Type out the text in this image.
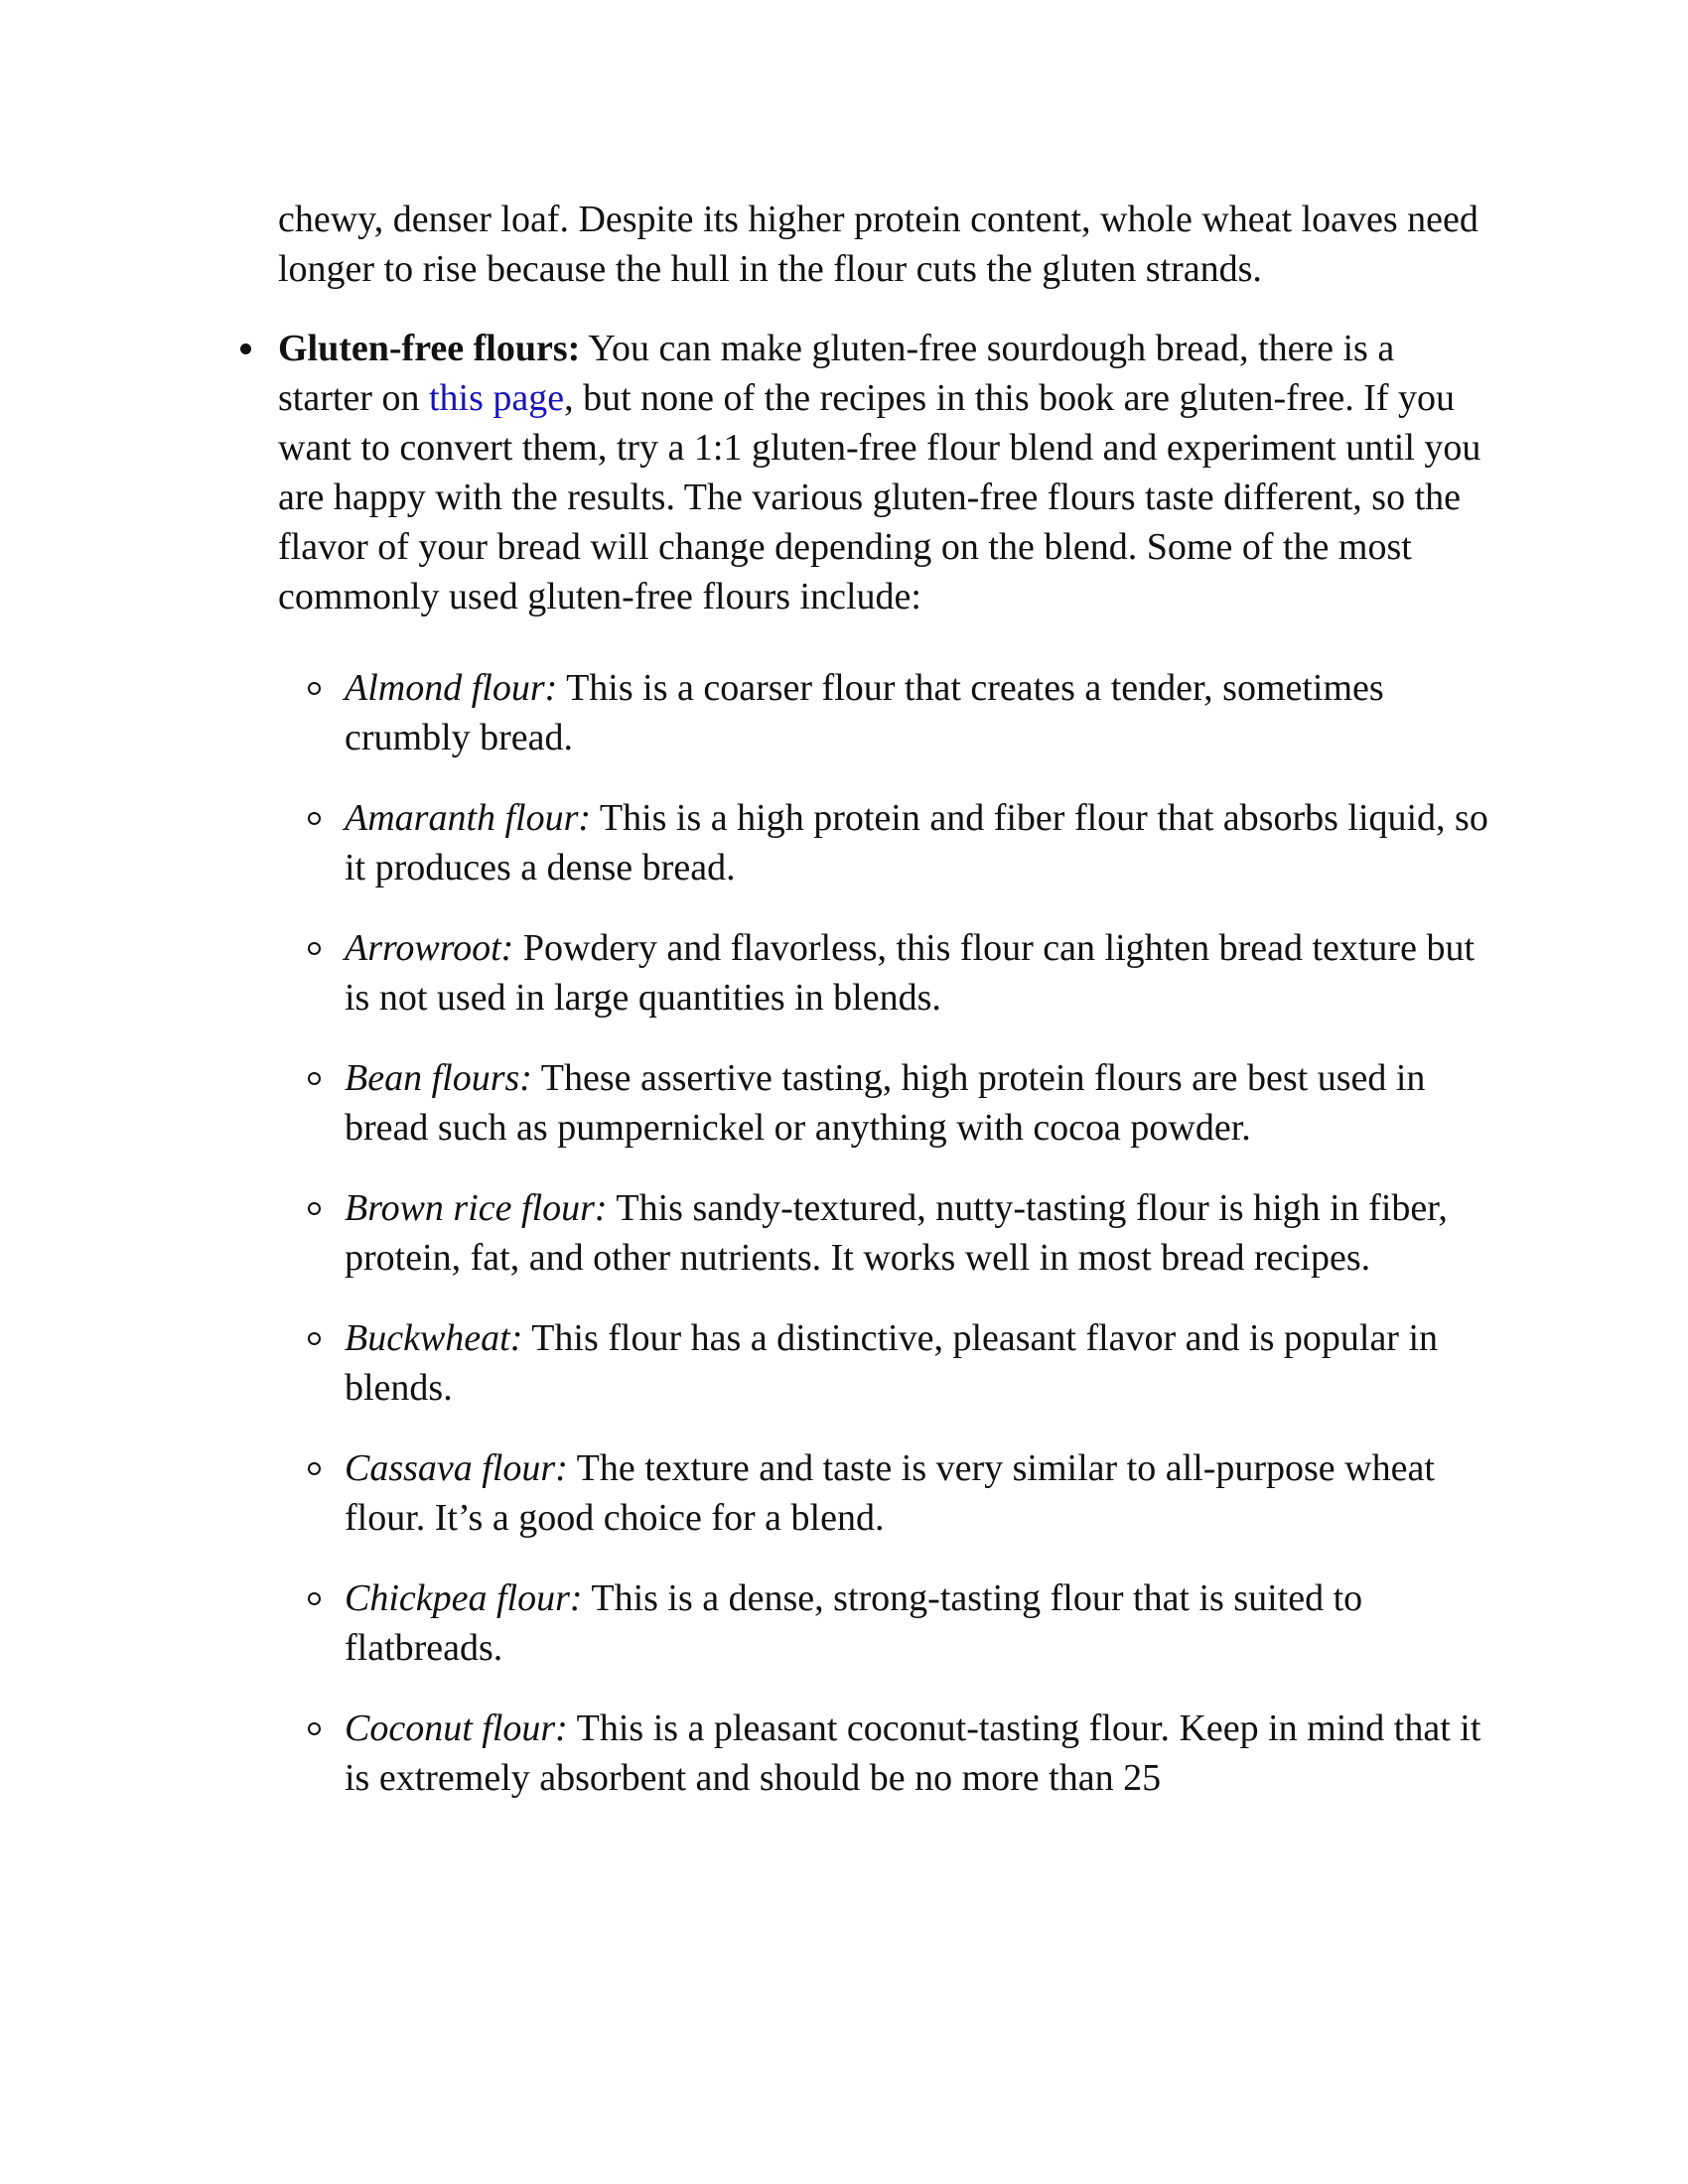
chewy, denser loaf. Despite its higher protein content, whole wheat loaves need longer to rise because the hull in the flour cuts the gluten strands.

Gluten-free flours: You can make gluten-free sourdough bread, there is a starter on this page, but none of the recipes in this book are gluten-free. If you want to convert them, try a 1:1 gluten-free flour blend and experiment until you are happy with the results. The various gluten-free flours taste different, so the flavor of your bread will change depending on the blend. Some of the most commonly used gluten-free flours include:
Almond flour: This is a coarser flour that creates a tender, sometimes crumbly bread.
Amaranth flour: This is a high protein and fiber flour that absorbs liquid, so it produces a dense bread.
Arrowroot: Powdery and flavorless, this flour can lighten bread texture but is not used in large quantities in blends.
Bean flours: These assertive tasting, high protein flours are best used in bread such as pumpernickel or anything with cocoa powder.
Brown rice flour: This sandy-textured, nutty-tasting flour is high in fiber, protein, fat, and other nutrients. It works well in most bread recipes.
Buckwheat: This flour has a distinctive, pleasant flavor and is popular in blends.
Cassava flour: The texture and taste is very similar to all-purpose wheat flour. It’s a good choice for a blend.
Chickpea flour: This is a dense, strong-tasting flour that is suited to flatbreads.
Coconut flour: This is a pleasant coconut-tasting flour. Keep in mind that it is extremely absorbent and should be no more than 25
